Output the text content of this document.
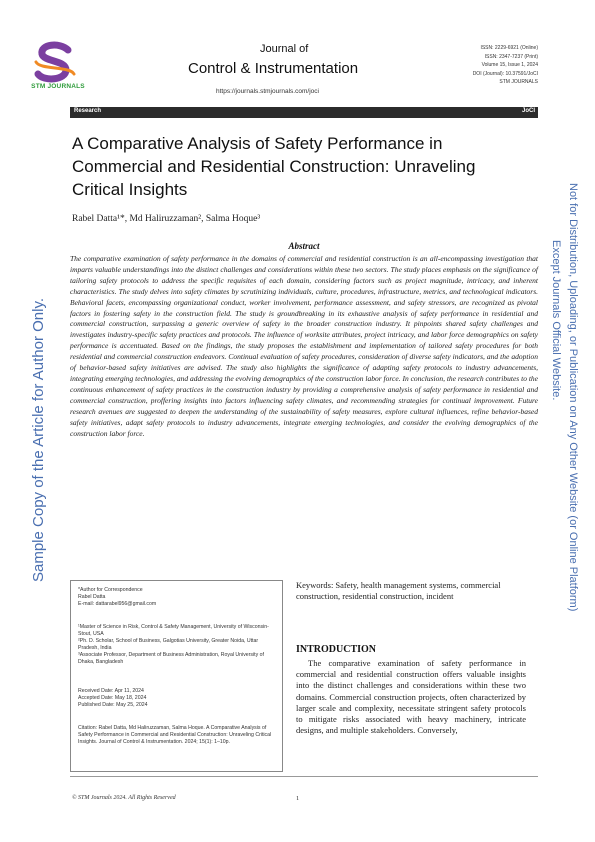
STM JOURNALS
Journal of
Control & Instrumentation
https://journals.stmjournals.com/joci
ISSN: 2229-6921 (Online)
ISSN: 2347-7237 (Print)
Volume 15, Issue 1, 2024
DOI (Journal): 10.37591/JoCI
STM JOURNALS
Research	JoCI
A Comparative Analysis of Safety Performance in Commercial and Residential Construction: Unraveling Critical Insights
Rabel Datta¹*, Md Haliruzzaman², Salma Hoque³
Abstract
The comparative examination of safety performance in the domains of commercial and residential construction is an all-encompassing investigation that imparts valuable understandings into the distinct challenges and considerations within these two sectors. The study places emphasis on the significance of tailoring safety protocols to address the specific requisites of each domain, considering factors such as project magnitude, intricacy, and inherent characteristics. The study delves into safety climates by scrutinizing individuals, culture, procedures, infrastructure, metrics, and technological indicators. Behavioral facets, encompassing organizational conduct, worker involvement, performance assessment, and safety stressors, are recognized as pivotal factors in fostering safety in the construction field. The study is groundbreaking in its exhaustive analysis of safety performance in residential and commercial construction, surpassing a generic overview of safety in the broader construction industry. It pinpoints shared safety challenges and investigates industry-specific safety practices and protocols. The influence of worksite attributes, project intricacy, and labor force demographics on safety performance is accentuated. Based on the findings, the study proposes the establishment and implementation of tailored safety procedures for both residential and commercial construction endeavors. Continual evaluation of safety procedures, consideration of diverse safety indicators, and the adoption of behavior-based safety initiatives are advised. The study also highlights the significance of adapting safety protocols to industry advancements, integrating emerging technologies, and addressing the evolving demographics of the construction labor force. In conclusion, the research contributes to the continuous enhancement of safety practices in the construction industry by providing a comprehensive analysis of safety performance in residential and commercial construction, proffering insights into factors influencing safety climates, and recommending strategies for continual improvement. Future research avenues are suggested to deepen the understanding of the sustainability of safety measures, explore cultural influences, refine behavior-based safety initiatives, adapt safety protocols to industry advancements, integrate emerging technologies, and consider the evolving demographics of the construction labor force.
*Author for Correspondence
Rabel Datta
E-mail: dattarabel956@gmail.com
¹Master of Science in Risk, Control & Safety Management, University of Wisconsin-Stout, USA
²Ph. D. Scholar, School of Business, Galgotias University, Greater Noida, Uttar Pradesh, India
³Associate Professor, Department of Business Administration, Royal University of Dhaka, Bangladesh
Received Date: Apr 11, 2024
Accepted Date: May 18, 2024
Published Date: May 25, 2024
Citation: Rabel Datta, Md Haliruzzaman, Salma Hoque. A Comparative Analysis of Safety Performance in Commercial and Residential Construction: Unraveling Critical Insights. Journal of Control & Instrumentation. 2024; 15(1): 1–10p.
Keywords: Safety, health management systems, commercial construction, residential construction, incident
INTRODUCTION
The comparative examination of safety performance in commercial and residential construction offers valuable insights into the distinct challenges and considerations within these two domains. Commercial construction projects, often characterized by larger scale and complexity, necessitate stringent safety protocols to mitigate risks associated with heavy machinery, intricate designs, and multiple stakeholders. Conversely,
© STM Journals 2024. All Rights Reserved	1
Sample Copy of the Article for Author Only.	Not for Distribution, Uploading, or Publication on Any Other Website (or Online Platform)
Except Journals Official Website.
